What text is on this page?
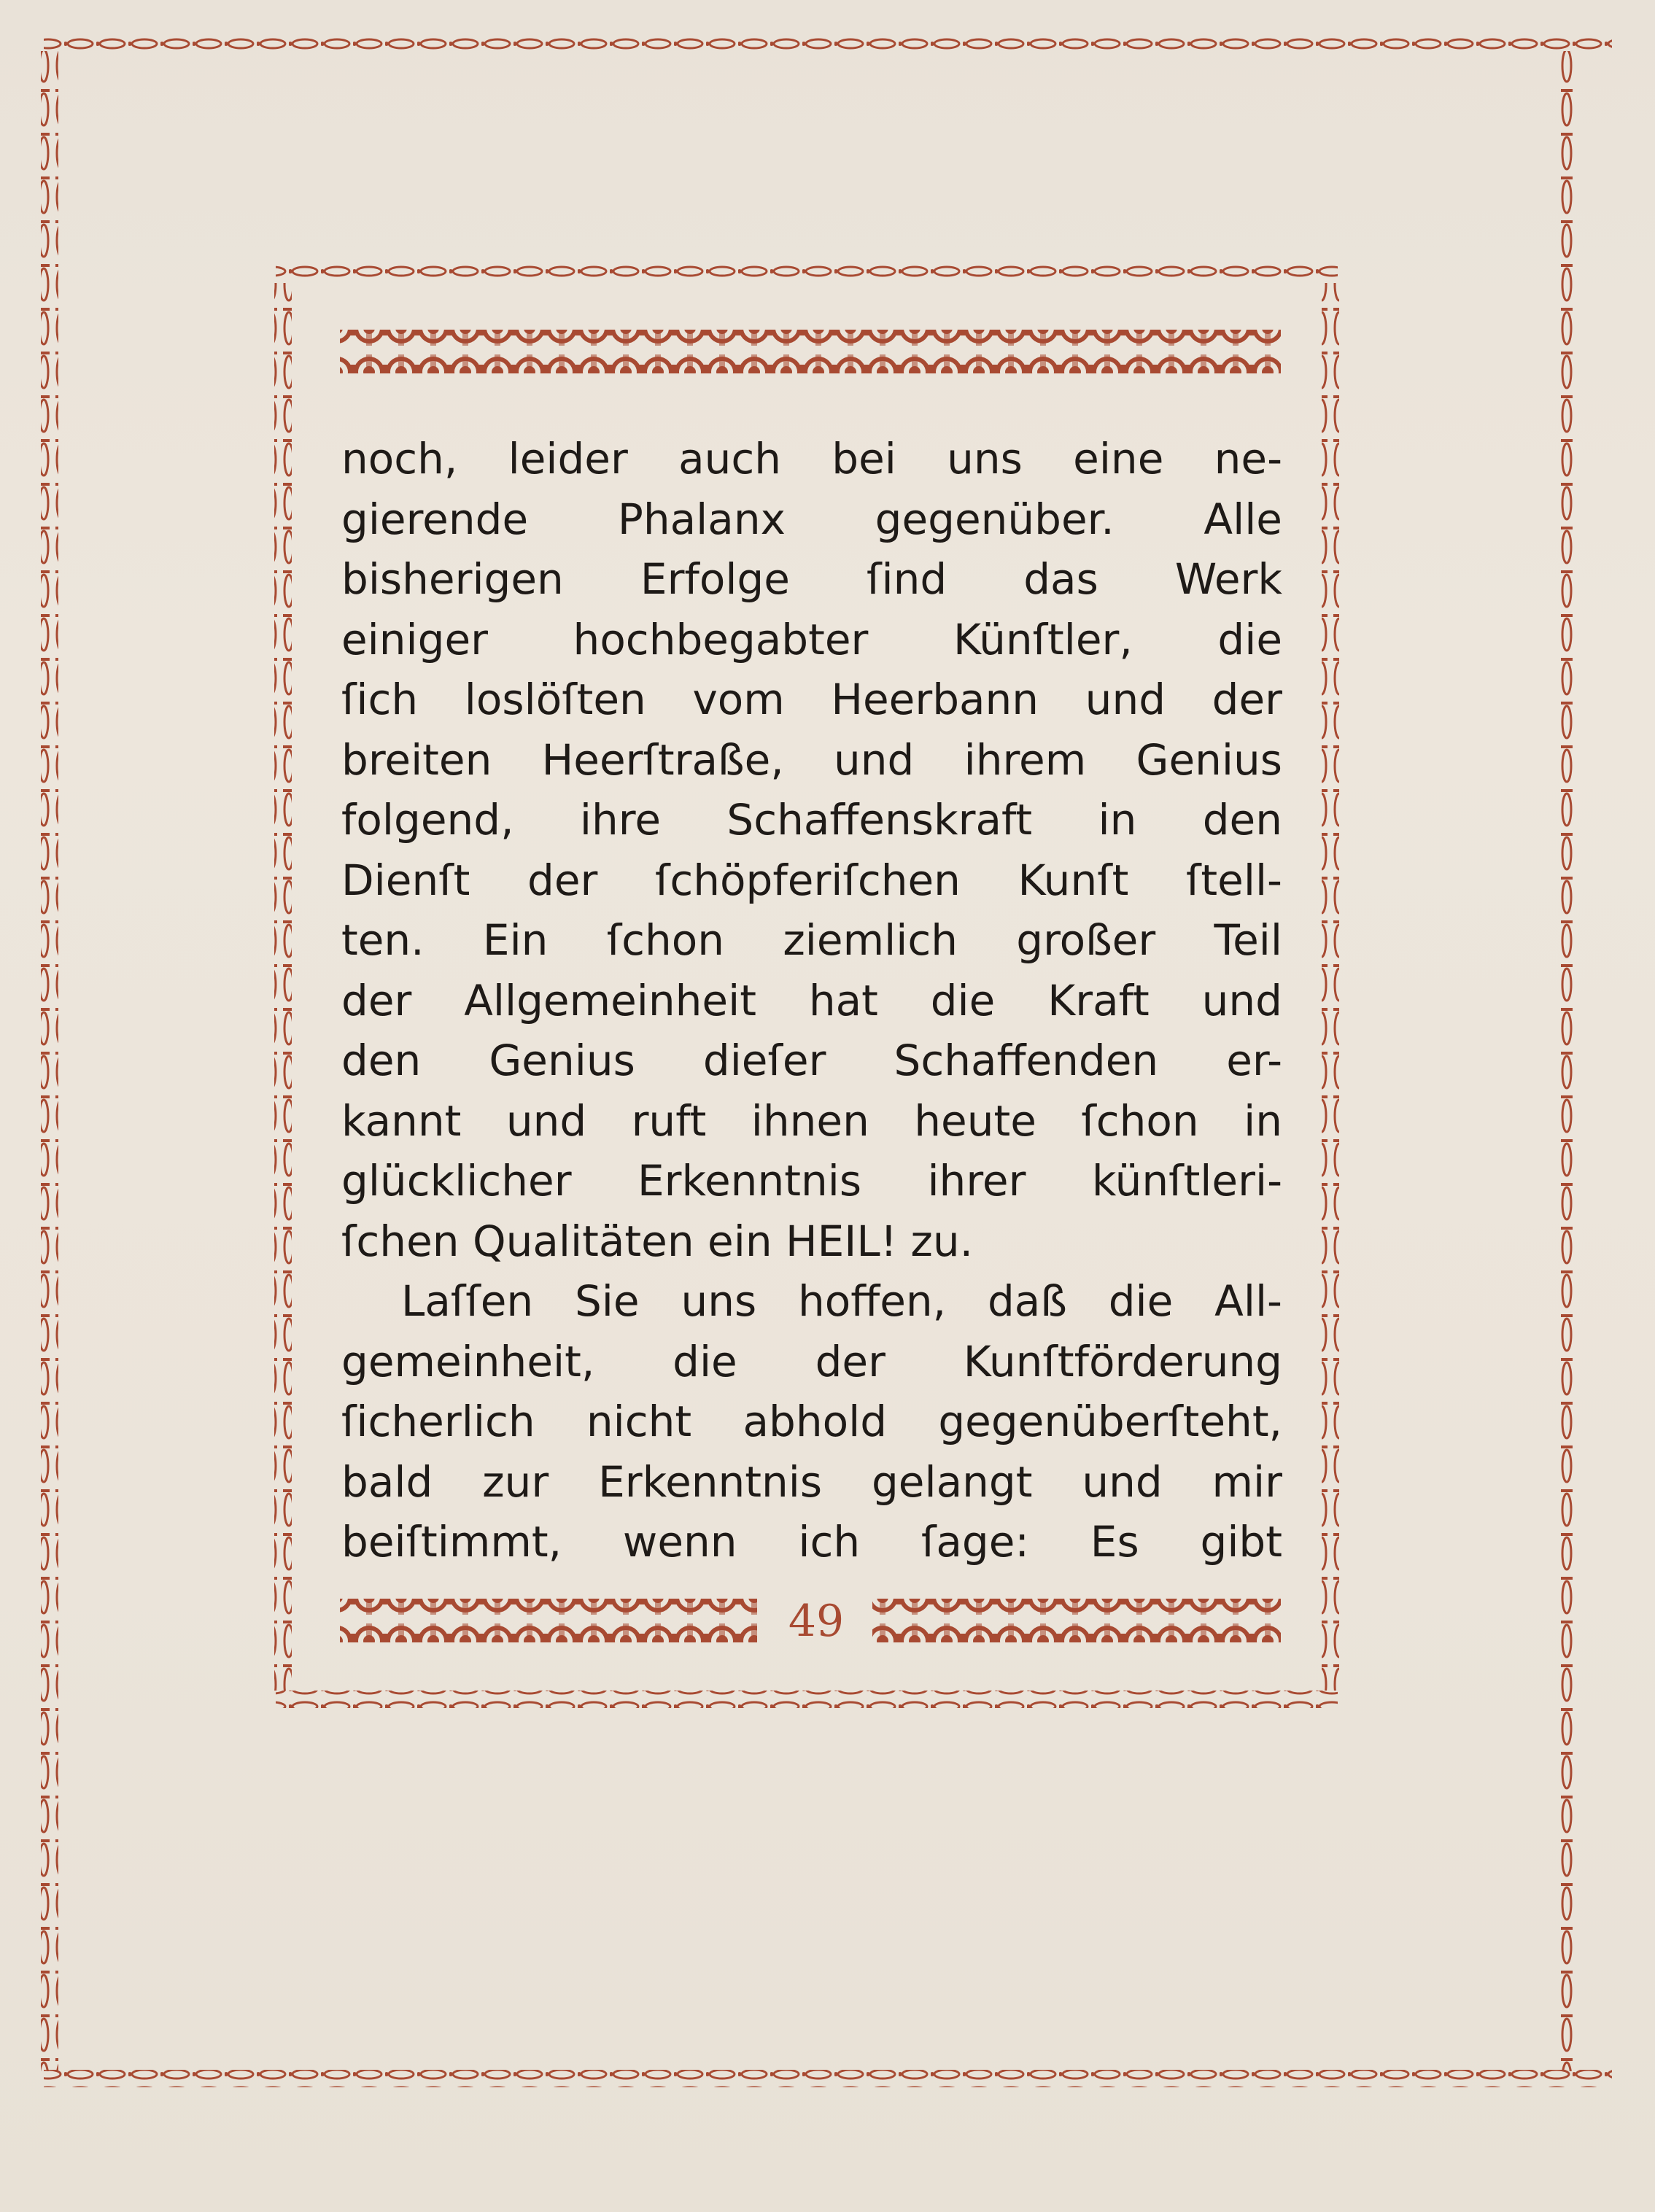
noch, leider auch bei uns eine ne-
gierende Phalanx gegenüber. Alle
bisherigen Erfolge ſind das Werk
einiger hochbegabter Künſtler, die
ſich loslöſten vom Heerbann und der
breiten Heerſtraße, und ihrem Genius
folgend, ihre Schaffenskraft in den
Dienſt der ſchöpferiſchen Kunſt ſtell-
ten. Ein ſchon ziemlich großer Teil
der Allgemeinheit hat die Kraft und
den Genius dieſer Schaffenden er-
kannt und ruft ihnen heute ſchon in
glücklicher Erkenntnis ihrer künſtleri-
ſchen Qualitäten ein HEIL! zu.
Laſſen Sie uns hoffen, daß die All-
gemeinheit, die der Kunſtförderung
ſicherlich nicht abhold gegenüberſteht,
bald zur Erkenntnis gelangt und mir
beiſtimmt, wenn ich ſage: Es gibt
49
